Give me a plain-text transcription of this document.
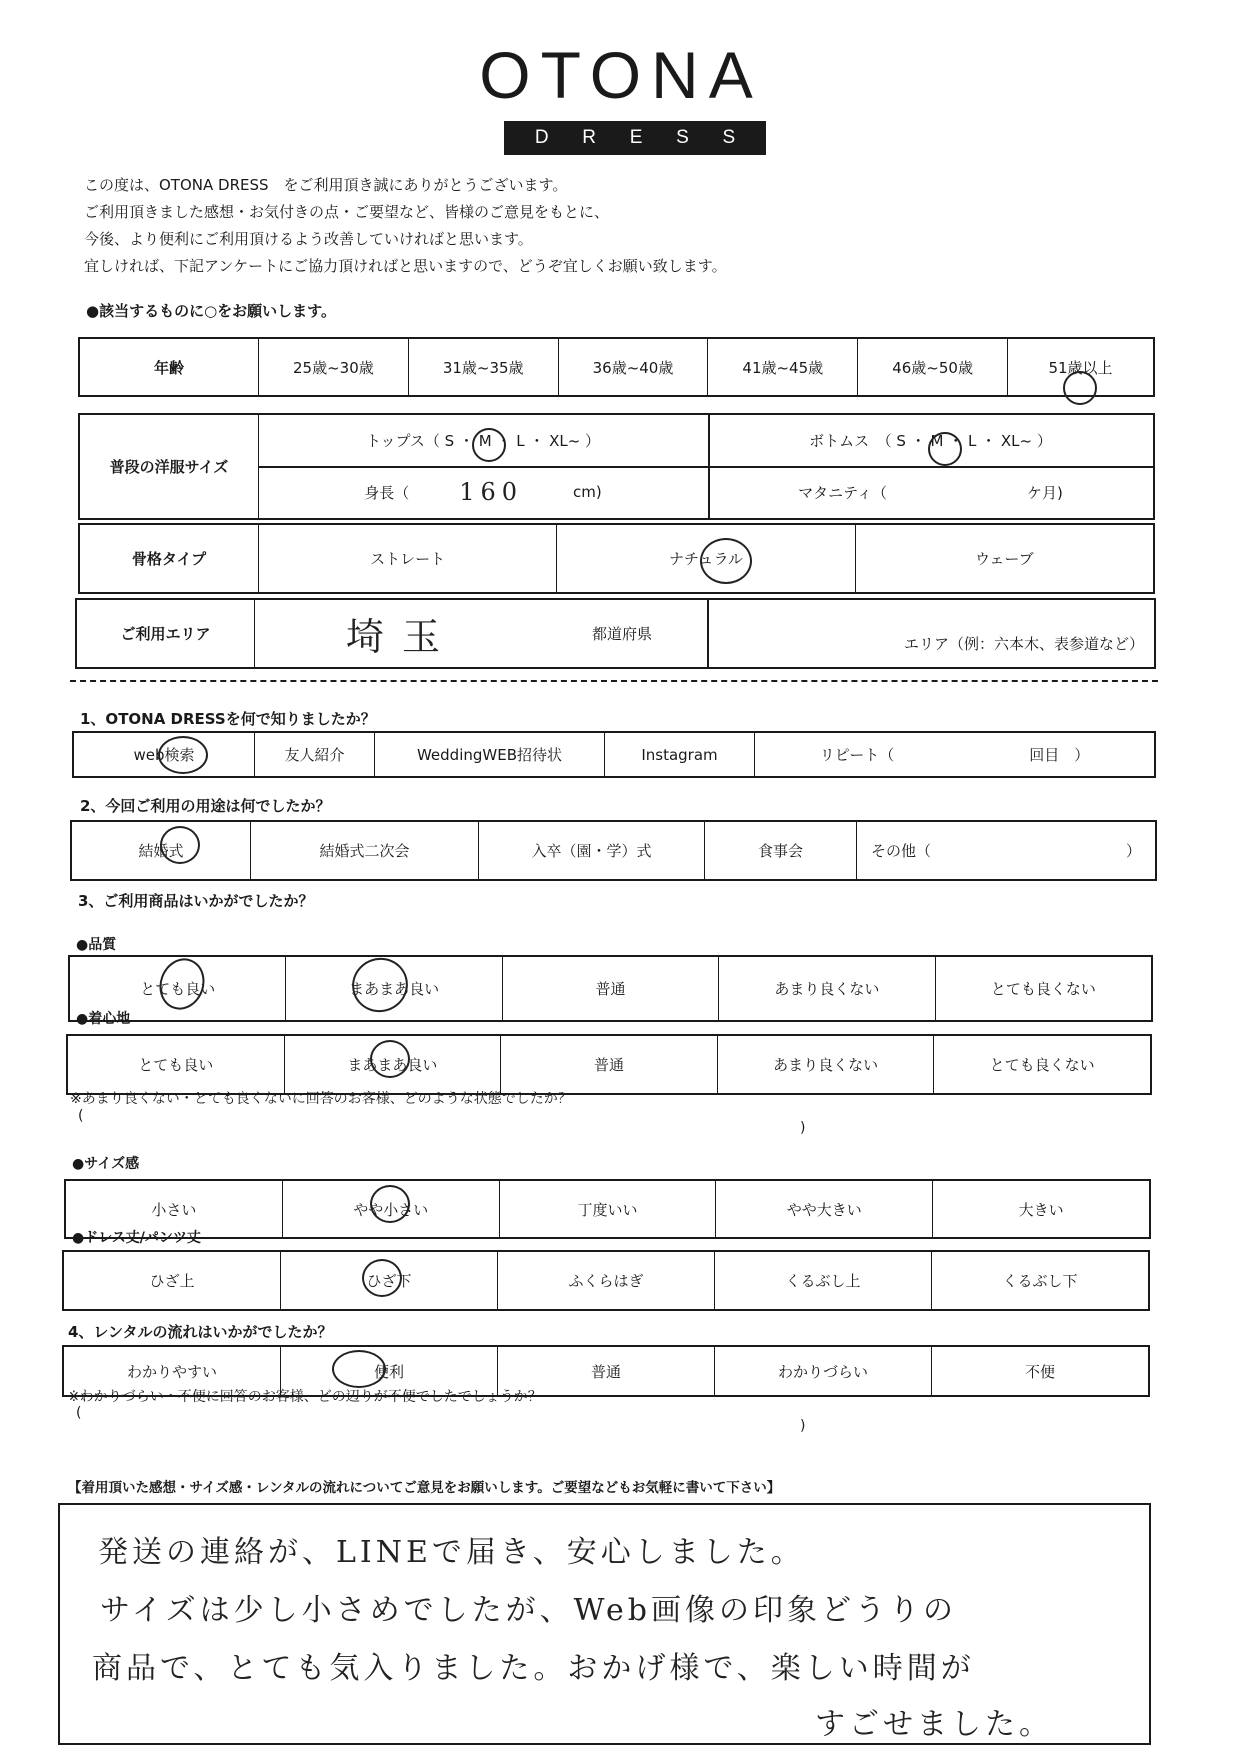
OTONA
D R E S S
この度は、OTONA DRESS　をご利用頂き誠にありがとうございます。
ご利用頂きました感想・お気付きの点・ご要望など、皆様のご意見をもとに、
今後、より便利にご利用頂けるよう改善していければと思います。
宜しければ、下記アンケートにご協力頂ければと思いますので、どうぞ宜しくお願い致します。
●該当するものに○をお願いします。
年齢	25歳~30歳	31歳~35歳	36歳~40歳	41歳~45歳	46歳~50歳	51歳以上
普段の洋服サイズ
トップス（ S ・ M ・ L ・ XL~ ）	ボトムス　（ S ・ M ・ L ・ XL~ ）
身長（ 160	cm)	マタニティ（	ケ月)
骨格タイプ	ストレート	ナチュラル	ウェーブ
ご利用エリア	埼玉	都道府県
エリア（例：六本木、表参道など）
1、OTONA DRESSを何で知りましたか？
web検索	友人紹介	WeddingWEB招待状	Instagram	リピート（　　　　　　　　　回目　）
2、今回ご利用の用途は何でしたか？
結婚式	結婚式二次会	入卒（園・学）式	食事会	その他（　　　　　　　　　　　　　）
3、ご利用商品はいかがでしたか？
●品質
とても良い	まあまあ良い	普通	あまり良くない	とても良くない
●着心地
とても良い	まあまあ良い	普通	あまり良くない	とても良くない
※あまり良くない・とても良くないに回答のお客様、どのような状態でしたか？
(
)
●サイズ感
小さい	やや小さい	丁度いい	やや大きい	大きい
●ドレス丈/パンツ丈
ひざ上	ひざ下	ふくらはぎ	くるぶし上	くるぶし下
4、レンタルの流れはいかがでしたか？
わかりやすい	便利	普通	わかりづらい	不便
※わかりづらい・不便に回答のお客様、どの辺りが不便でしたでしょうか？
(
)
【着用頂いた感想・サイズ感・レンタルの流れについてご意見をお願いします。ご要望などもお気軽に書いて下さい】
発送の連絡が、LINEで届き、安心しました。
サイズは少し小さめでしたが、Web画像の印象どうりの
商品で、とても気入りました。おかげ様で、楽しい時間が
すごせました。
